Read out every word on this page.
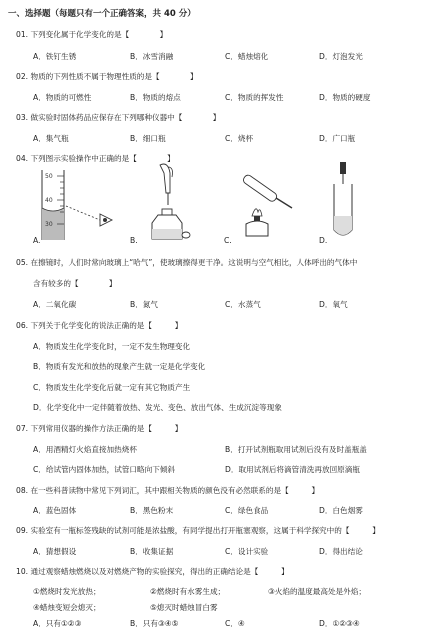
一、选择题（每题只有一个正确答案，共 40 分）
01. 下列变化属于化学变化的是【　　　　】
A．铁钉生锈	B．冰雪消融	C．蜡烛熔化	D．灯泡发光
02. 物质的下列性质不属于物理性质的是【　　　　】
A．物质的可燃性	B．物质的熔点	C．物质的挥发性	D．物质的硬度
03. 做实验时固体药品应保存在下列哪种仪器中【　　　　】
A．集气瓶	B．细口瓶	C．烧杯	D．广口瓶
04. 下列图示实验操作中正确的是【　　　　】
50
40
30
A.	B.	C.	D.
05. 在擦镜时，人们时常向玻璃上“哈气”，使玻璃擦得更干净。这说明与空气相比，人体呼出的气体中
含有较多的【　　　　】
A．二氧化碳	B．氮气	C．水蒸气	D．氧气
06. 下列关于化学变化的说法正确的是【　　　】
A．物质发生化学变化时，一定不发生物理变化
B．物质有发光和放热的现象产生就一定是化学变化
C．物质发生化学变化后就一定有其它物质产生
D．化学变化中一定伴随着放热、发光、变色、放出气体、生成沉淀等现象
07. 下列常用仪器的操作方法正确的是【　　　】
A．用酒精灯火焰直接加热烧杯	B．打开试剂瓶取用试剂后没有及时盖瓶盖
C．给试管内固体加热，试管口略向下倾斜	D．取用试剂后将滴管清洗再放回原滴瓶
08. 在一些科普读物中常见下列词汇，其中跟相关物质的颜色没有必然联系的是【　　　】
A．蓝色固体	B．黑色粉末	C．绿色食品	D．白色烟雾
09. 实验室有一瓶标签残缺的试剂可能是浓盐酸，有同学提出打开瓶塞观察，这属于科学探究中的【　　　】
A．猜想假设	B．收集证据	C．设计实验	D．得出结论
10. 通过观察蜡烛燃烧以及对燃烧产物的实验探究，得出的正确结论是【　　　】
①燃烧时发光放热；	②燃烧时有水雾生成；	③火焰的温度最高处是外焰；
④蜡烛变短会熄灭；	⑤熄灭时蜡烛冒白雾
A．只有①②③	B．只有③④⑤	C．④	D．①②③④
